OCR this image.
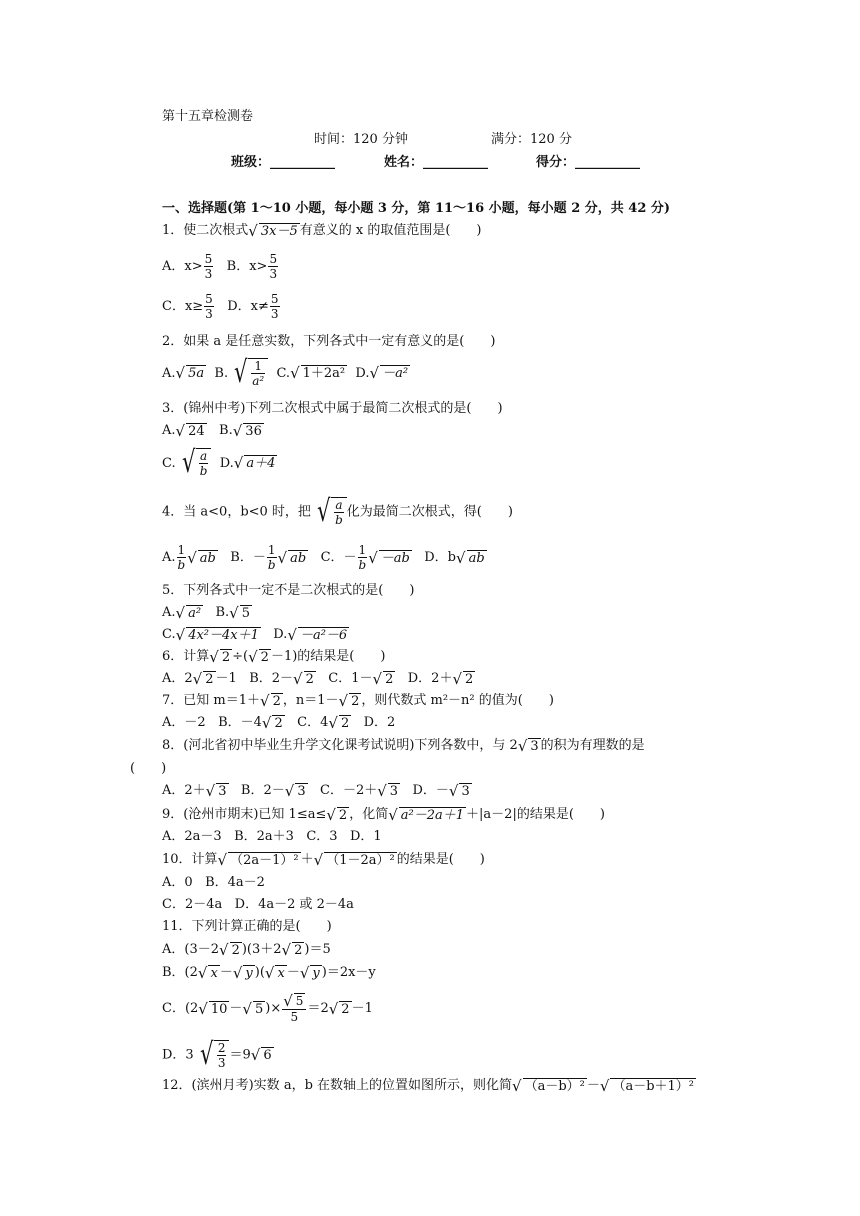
第十五章检测卷
时间：120 分钟	满分：120 分
班级：__________	姓名：__________	得分：__________
一、选择题(第 1～10 小题，每小题 3 分，第 11～16 小题，每小题 2 分，共 42 分)
1．使二次根式 √ 3x－5 有意义的 x 的取值范围是(　　)
A．$x> \frac{5}{3}$ B．$x> \frac{5}{3}$
C．$x\ge \frac{5}{3}$ D．$x\ne \frac{5}{3}$
2．如果 a 是任意实数，下列各式中一定有意义的是(　　)
A. √ 5a B. √ $\frac{1}{\text{a²}} C$. √ 1＋2a² D. √ －a²
3．(锦州中考)下列二次根式中属于最简二次根式的是(　　)
A. √ 24 B. √ 36
C. √ $\frac{a}{b} D$. √ a＋4
4．当 a<0，b<0 时，把 √ $\frac{a}{b}$ 化为最简二次根式，得(　　)
A. $\frac{1}{b}$ √ ab B．－ $\frac{1}{b}$ √ ab C．－ $\frac{1}{b}$ √ －ab D．b √ ab
5．下列各式中一定不是二次根式的是(　　)
A. √ a² B. √ 5
C. √ 4x²－4x＋1 D. √ －a²－6
6．计算 √ 2 ÷( √ 2 －1)的结果是(　　)
A．2 √ 2 －1 B．2－ √ 2 C．1－ √ 2 D．2＋ √ 2
7．已知 m＝1＋ √ 2 ，n＝1－ √ 2 ，则代数式 m²－n² 的值为(　　)
A．－2 B．－4 √ 2 C．4 √ 2 D．2
8．(河北省初中毕业生升学文化课考试说明)下列各数中，与 2 √ 3 的积为有理数的是
(　　)
A．2＋ √ 3 B．2－ √ 3 C．－2＋ √ 3 D．－ √ 3
9．(沧州市期末)已知 1≤a≤ √ 2 ，化简 √ a²－2a＋1 ＋|a－2|的结果是(　　)
A．2a－3 B．2a＋3 C．3 D．1
10．计算 √ （2a－1）² ＋ √ （1－2a）² 的结果是(　　)
A．0 B．4a－2
C．2－4a D．4a－2 或 2－4a
11．下列计算正确的是(　　)
A．(3－2 √ 2 )(3＋2 √ 2 )＝5
B．(2 √ x － √ y )( √ x － √ y )＝2x－y
C．(2 √ 10 － √ 5 )× $\frac{√ 5}{5} =2$ √ 2 －1
D．3 √ $\frac{2}{3} =9$ √ 6
12．(滨州月考)实数 a，b 在数轴上的位置如图所示，则化简 √ （a－b）² － √ （a－b＋1）²
